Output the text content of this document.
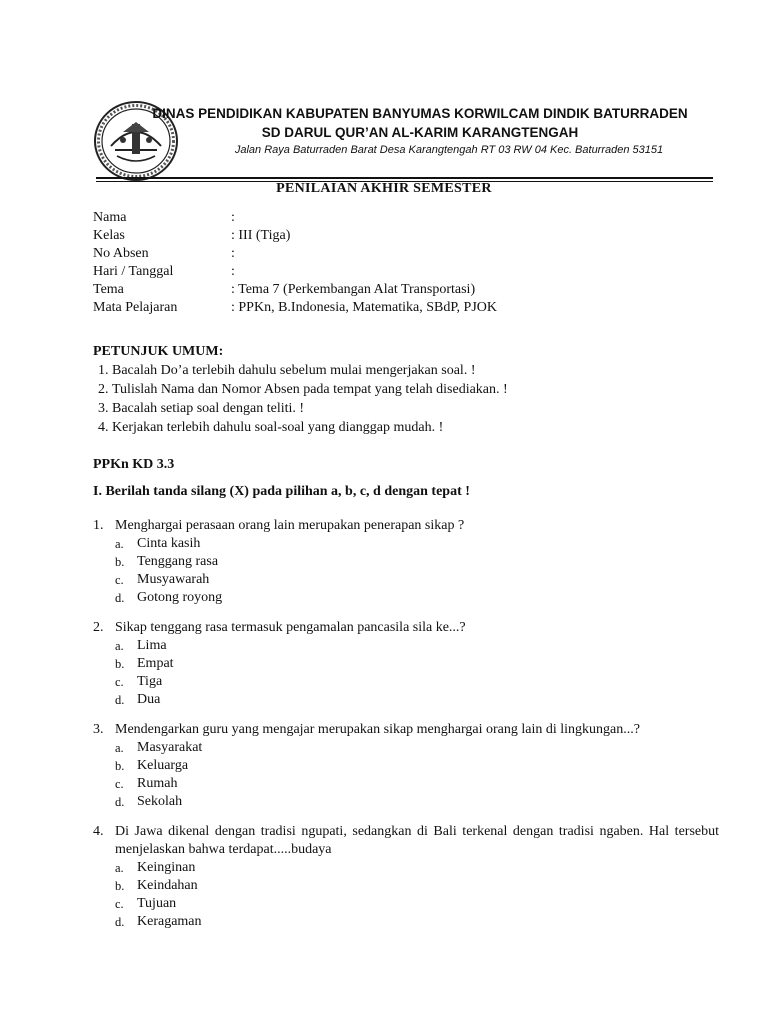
DINAS PENDIDIKAN KABUPATEN BANYUMAS KORWILCAM DINDIK BATURRADEN
SD DARUL QUR’AN AL-KARIM KARANGTENGAH
Jalan Raya Baturraden Barat Desa Karangtengah RT 03 RW 04 Kec. Baturraden 53151
PENILAIAN AKHIR SEMESTER
Nama	:
Kelas	: III (Tiga)
No Absen	:
Hari / Tanggal	:
Tema	: Tema 7 (Perkembangan Alat Transportasi)
Mata Pelajaran	: PPKn, B.Indonesia, Matematika, SBdP, PJOK
PETUNJUK UMUM:
1. Bacalah Do’a terlebih dahulu sebelum mulai mengerjakan soal. !
2. Tulislah Nama dan Nomor Absen pada tempat yang telah disediakan. !
3. Bacalah setiap soal dengan teliti. !
4. Kerjakan terlebih dahulu soal-soal yang dianggap mudah. !
PPKn KD 3.3
I. Berilah tanda silang (X) pada pilihan a, b, c, d dengan tepat !
1. Menghargai perasaan orang lain merupakan penerapan sikap ?
a. Cinta kasih
b. Tenggang rasa
c. Musyawarah
d. Gotong royong
2. Sikap tenggang rasa termasuk pengamalan pancasila sila ke...?
a. Lima
b. Empat
c. Tiga
d. Dua
3. Mendengarkan guru yang mengajar merupakan sikap menghargai orang lain di lingkungan...?
a. Masyarakat
b. Keluarga
c. Rumah
d. Sekolah
4. Di Jawa dikenal dengan tradisi ngupati, sedangkan di Bali terkenal dengan tradisi ngaben. Hal tersebut menjelaskan bahwa terdapat.....budaya
a. Keinginan
b. Keindahan
c. Tujuan
d. Keragaman
